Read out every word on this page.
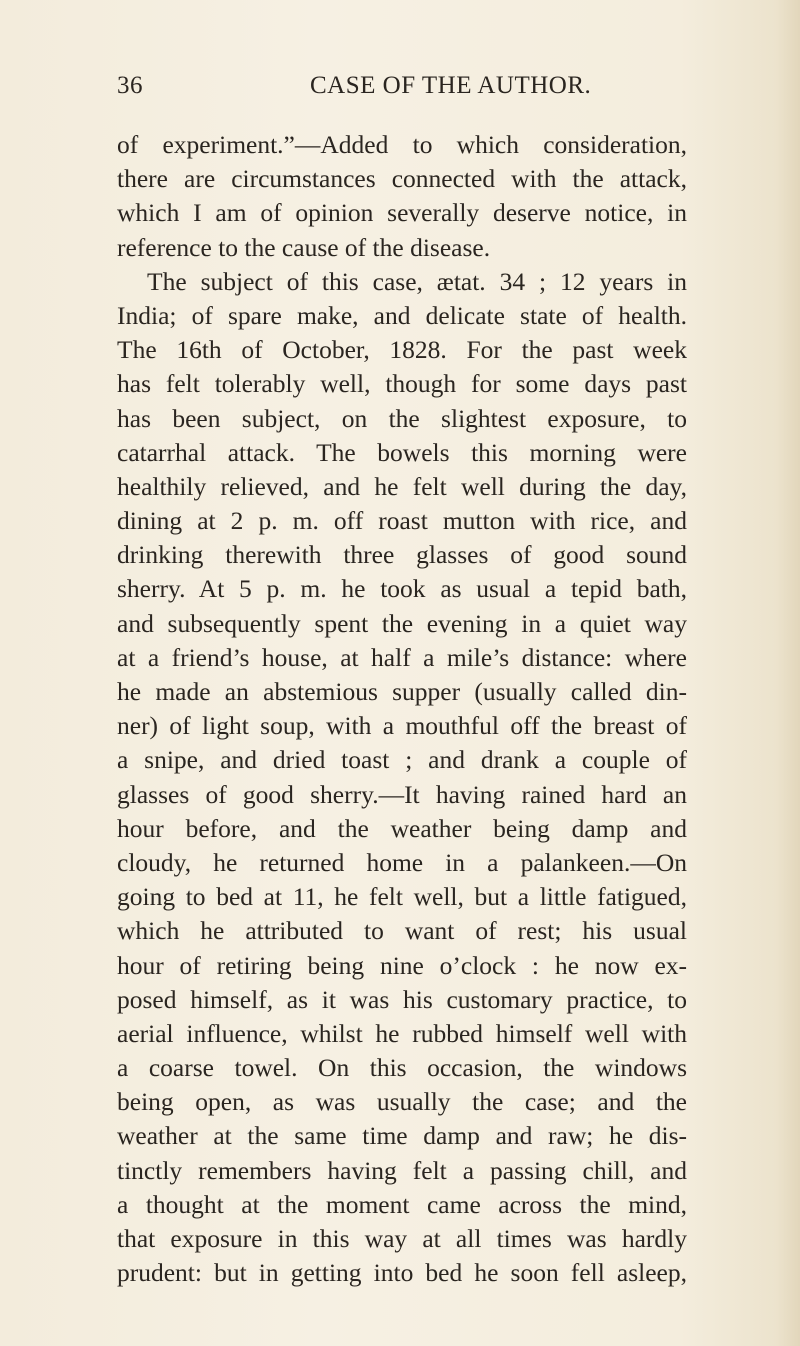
36	CASE OF THE AUTHOR.
of experiment.”—Added to which consideration,
there are circumstances connected with the attack,
which I am of opinion severally deserve notice, in
reference to the cause of the disease.
The subject of this case, ætat. 34 ; 12 years in
India; of spare make, and delicate state of health.
The 16th of October, 1828. For the past week
has felt tolerably well, though for some days past
has been subject, on the slightest exposure, to
catarrhal attack. The bowels this morning were
healthily relieved, and he felt well during the day,
dining at 2 p. m. off roast mutton with rice, and
drinking therewith three glasses of good sound
sherry. At 5 p. m. he took as usual a tepid bath,
and subsequently spent the evening in a quiet way
at a friend’s house, at half a mile’s distance: where
he made an abstemious supper (usually called din-
ner) of light soup, with a mouthful off the breast of
a snipe, and dried toast ; and drank a couple of
glasses of good sherry.—It having rained hard an
hour before, and the weather being damp and
cloudy, he returned home in a palankeen.—On
going to bed at 11, he felt well, but a little fatigued,
which he attributed to want of rest; his usual
hour of retiring being nine o’clock : he now ex-
posed himself, as it was his customary practice, to
aerial influence, whilst he rubbed himself well with
a coarse towel. On this occasion, the windows
being open, as was usually the case; and the
weather at the same time damp and raw; he dis-
tinctly remembers having felt a passing chill, and
a thought at the moment came across the mind,
that exposure in this way at all times was hardly
prudent: but in getting into bed he soon fell asleep,
